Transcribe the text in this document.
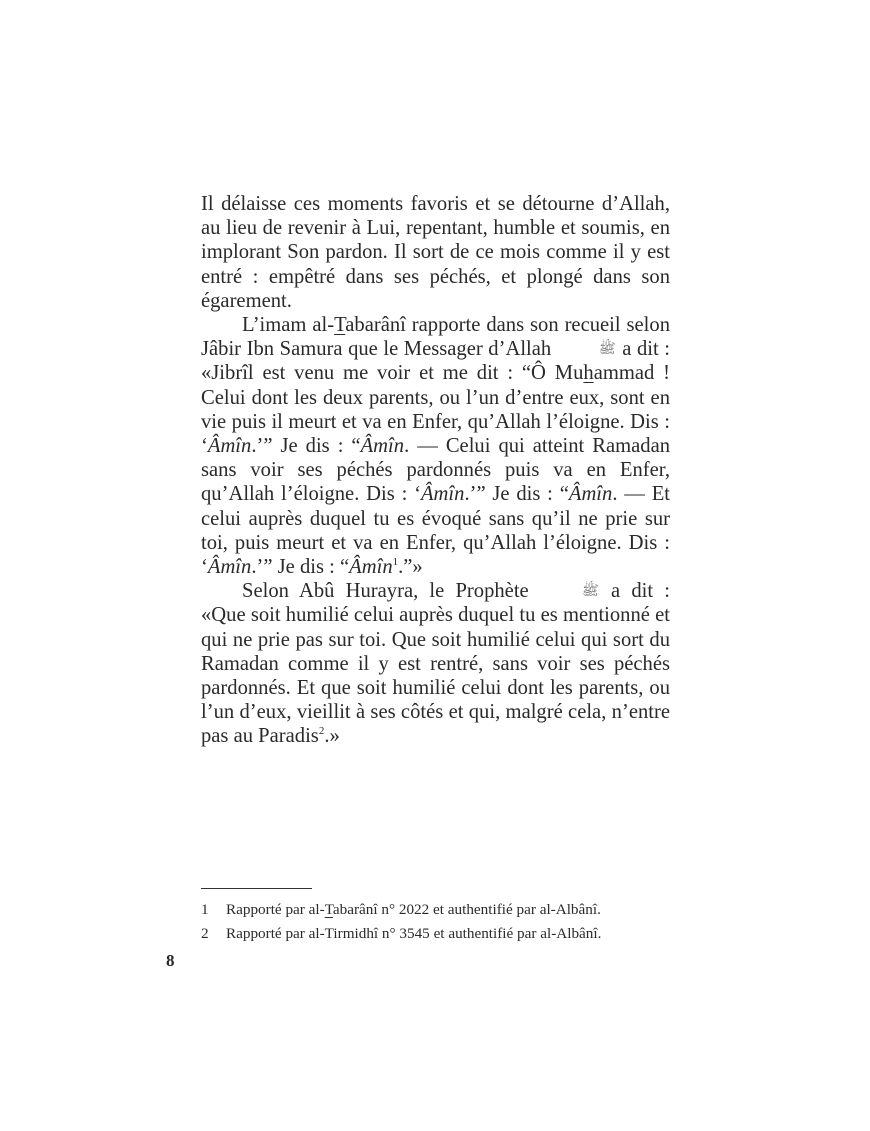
Il délaisse ces moments favoris et se détourne d’Allah, au lieu de revenir à Lui, repentant, humble et soumis, en implorant Son pardon. Il sort de ce mois comme il y est entré : empêtré dans ses péchés, et plongé dans son égarement.

L’imam al-Tabarânî rapporte dans son recueil selon Jâbir Ibn Samura que le Messager d’Allah	ﷺ a dit : «Jibrîl est venu me voir et me dit : “Ô Muhammad ! Celui dont les deux parents, ou l’un d’entre eux, sont en vie puis il meurt et va en Enfer, qu’Allah l’éloigne. Dis : ‘Âmîn.’” Je dis : “Âmîn. — Celui qui atteint Ramadan sans voir ses péchés pardonnés puis va en Enfer, qu’Allah l’éloigne. Dis : ‘Âmîn.’” Je dis : “Âmîn. — Et celui auprès duquel tu es évoqué sans qu’il ne prie sur toi, puis meurt et va en Enfer, qu’Allah l’éloigne. Dis : ‘Âmîn.’” Je dis : “Âmîn$^1$.”»

Selon Abû Hurayra, le Prophète	ﷺ a dit : «Que soit humilié celui auprès duquel tu es mentionné et qui ne prie pas sur toi. Que soit humilié celui qui sort du Ramadan comme il y est rentré, sans voir ses péchés pardonnés. Et que soit humilié celui dont les parents, ou l’un d’eux, vieillit à ses côtés et qui, malgré cela, n’entre pas au Paradis$^2$.»

1 Rapporté par al-Tabarânî n° 2022 et authentifié par al-Albânî.
2 Rapporté par al-Tirmidhî n° 3545 et authentifié par al-Albânî.
8
